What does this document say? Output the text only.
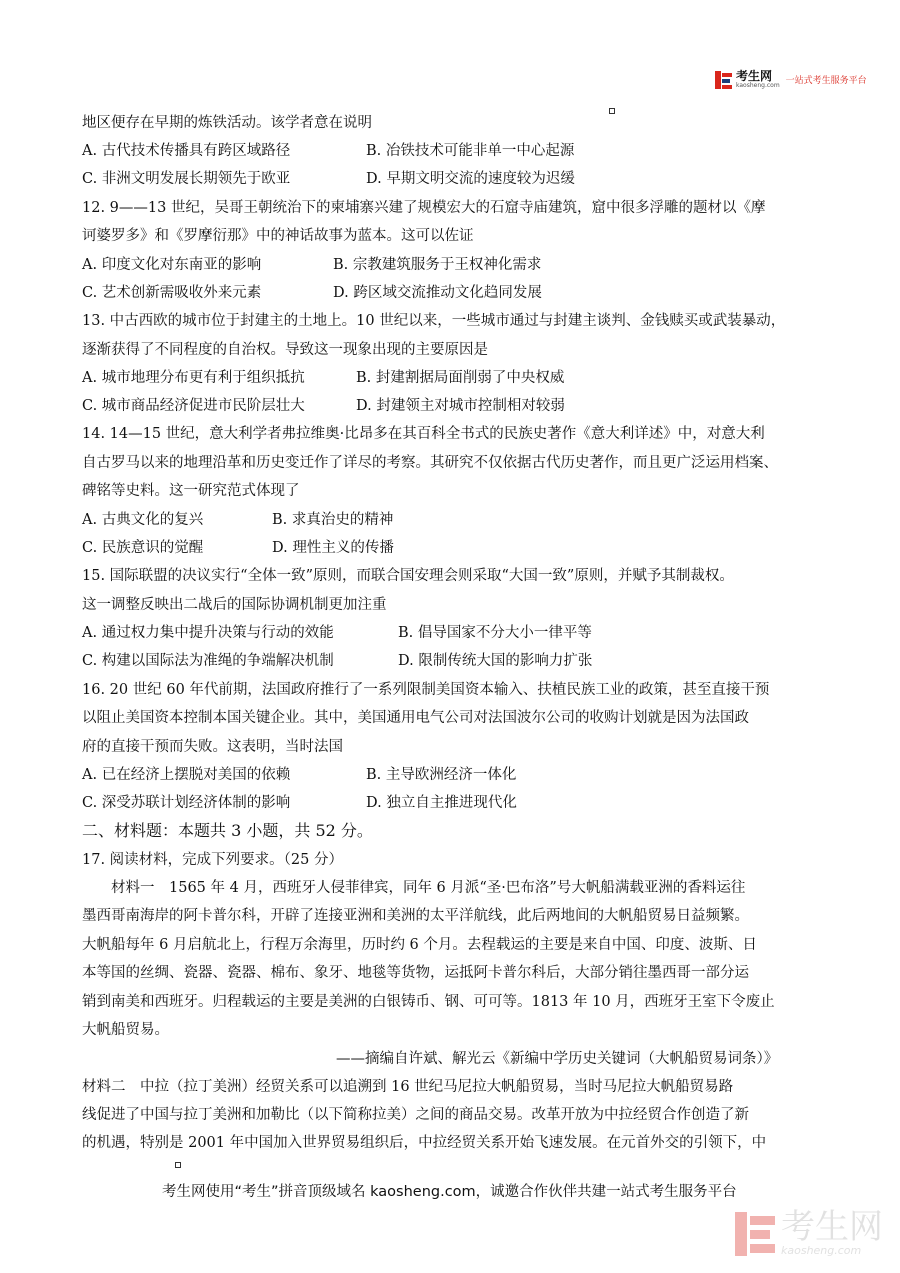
考生网
kaosheng.com 一站式考生服务平台
地区便存在早期的炼铁活动。该学者意在说明
A. 古代技术传播具有跨区域路径	B. 冶铁技术可能非单一中心起源
C. 非洲文明发展长期领先于欧亚	D. 早期文明交流的速度较为迟缓
12. 9——13 世纪，吴哥王朝统治下的柬埔寨兴建了规模宏大的石窟寺庙建筑，窟中很多浮雕的题材以《摩
诃婆罗多》和《罗摩衍那》中的神话故事为蓝本。这可以佐证
A. 印度文化对东南亚的影响	B. 宗教建筑服务于王权神化需求
C. 艺术创新需吸收外来元素	D. 跨区域交流推动文化趋同发展
13. 中古西欧的城市位于封建主的土地上。10 世纪以来，一些城市通过与封建主谈判、金钱赎买或武装暴动，
逐渐获得了不同程度的自治权。导致这一现象出现的主要原因是
A. 城市地理分布更有利于组织抵抗	B. 封建割据局面削弱了中央权威
C. 城市商品经济促进市民阶层壮大	D. 封建领主对城市控制相对较弱
14. 14—15 世纪，意大利学者弗拉维奥·比昂多在其百科全书式的民族史著作《意大利详述》中，对意大利
自古罗马以来的地理沿革和历史变迁作了详尽的考察。其研究不仅依据古代历史著作，而且更广泛运用档案、
碑铭等史料。这一研究范式体现了
A. 古典文化的复兴	B. 求真治史的精神
C. 民族意识的觉醒	D. 理性主义的传播
15. 国际联盟的决议实行“全体一致”原则，而联合国安理会则采取“大国一致”原则，并赋予其制裁权。
这一调整反映出二战后的国际协调机制更加注重
A. 通过权力集中提升决策与行动的效能	B. 倡导国家不分大小一律平等
C. 构建以国际法为准绳的争端解决机制	D. 限制传统大国的影响力扩张
16. 20 世纪 60 年代前期，法国政府推行了一系列限制美国资本输入、扶植民族工业的政策，甚至直接干预
以阻止美国资本控制本国关键企业。其中，美国通用电气公司对法国波尔公司的收购计划就是因为法国政
府的直接干预而失败。这表明，当时法国
A. 已在经济上摆脱对美国的依赖	B. 主导欧洲经济一体化
C. 深受苏联计划经济体制的影响	D. 独立自主推进现代化
二、材料题：本题共 3 小题，共 52 分。
17. 阅读材料，完成下列要求。（25 分）
材料一　1565 年 4 月，西班牙人侵菲律宾，同年 6 月派“圣·巴布洛”号大帆船满载亚洲的香料运往
墨西哥南海岸的阿卡普尔科，开辟了连接亚洲和美洲的太平洋航线，此后两地间的大帆船贸易日益频繁。
大帆船每年 6 月启航北上，行程万余海里，历时约 6 个月。去程载运的主要是来自中国、印度、波斯、日
本等国的丝绸、瓷器、瓷器、棉布、象牙、地毯等货物，运抵阿卡普尔科后，大部分销往墨西哥一部分运
销到南美和西班牙。归程载运的主要是美洲的白银铸币、钢、可可等。1813 年 10 月，西班牙王室下令废止
大帆船贸易。
——摘编自许斌、解光云《新编中学历史关键词（大帆船贸易词条）》
材料二　中拉（拉丁美洲）经贸关系可以追溯到 16 世纪马尼拉大帆船贸易，当时马尼拉大帆船贸易路
线促进了中国与拉丁美洲和加勒比（以下简称拉美）之间的商品交易。改革开放为中拉经贸合作创造了新
的机遇，特别是 2001 年中国加入世界贸易组织后，中拉经贸关系开始飞速发展。在元首外交的引领下，中
考生网使用“考生”拼音顶级域名 kaosheng.com，诚邀合作伙伴共建一站式考生服务平台
考生网
kaosheng.com
